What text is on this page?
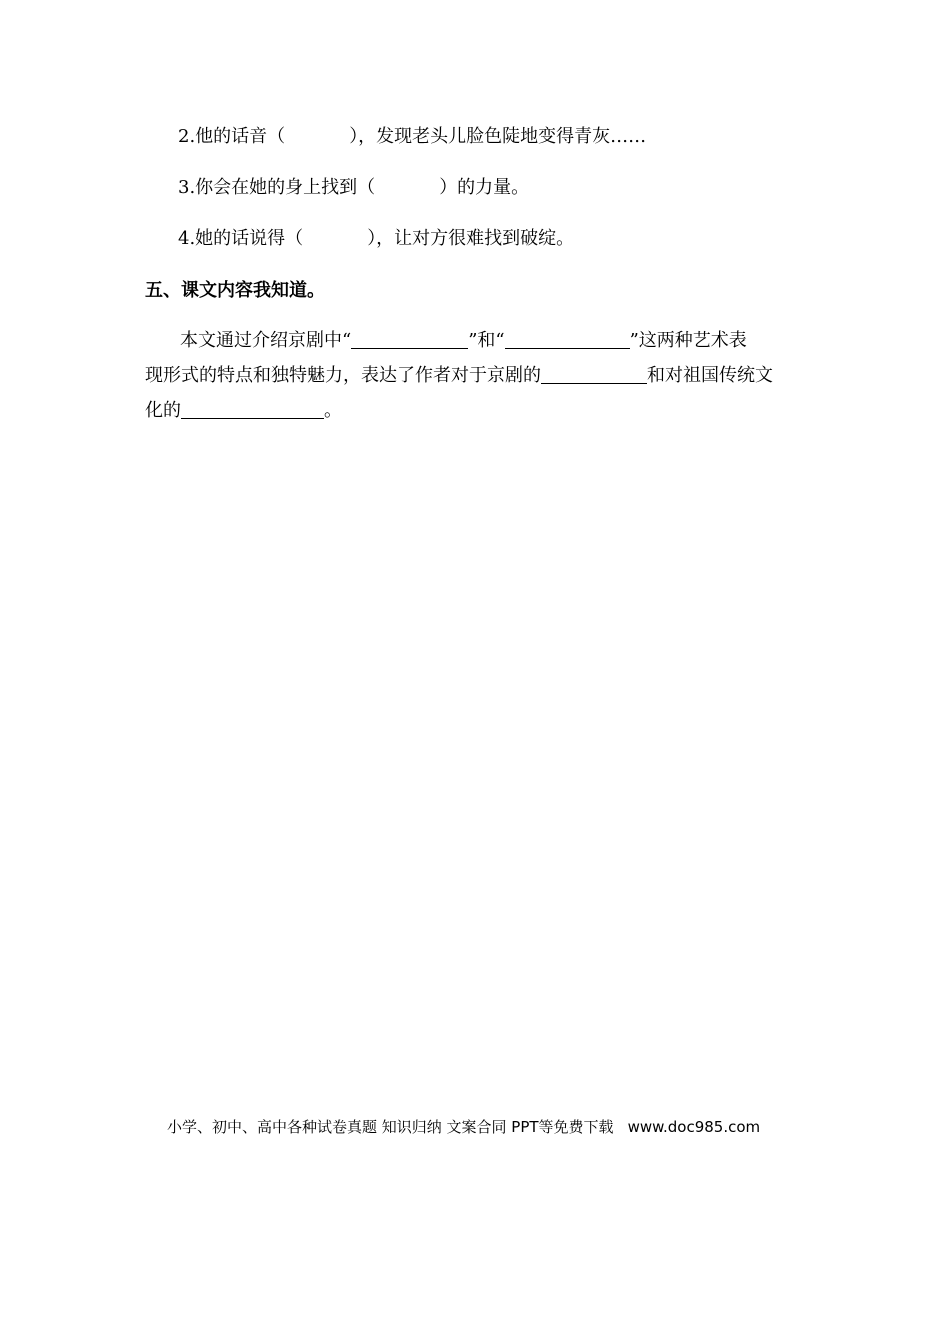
2.他的话音（	），发现老头儿脸色陡地变得青灰……
3.你会在她的身上找到（	）的力量。
4.她的话说得（	），让对方很难找到破绽。
五、课文内容我知道。
本文通过介绍京剧中“	”和“	”这两种艺术表
现形式的特点和独特魅力，表达了作者对于京剧的	和对祖国传统文
化的	。
小学、初中、高中各种试卷真题 知识归纳 文案合同 PPT等免费下载 www.doc985.com
